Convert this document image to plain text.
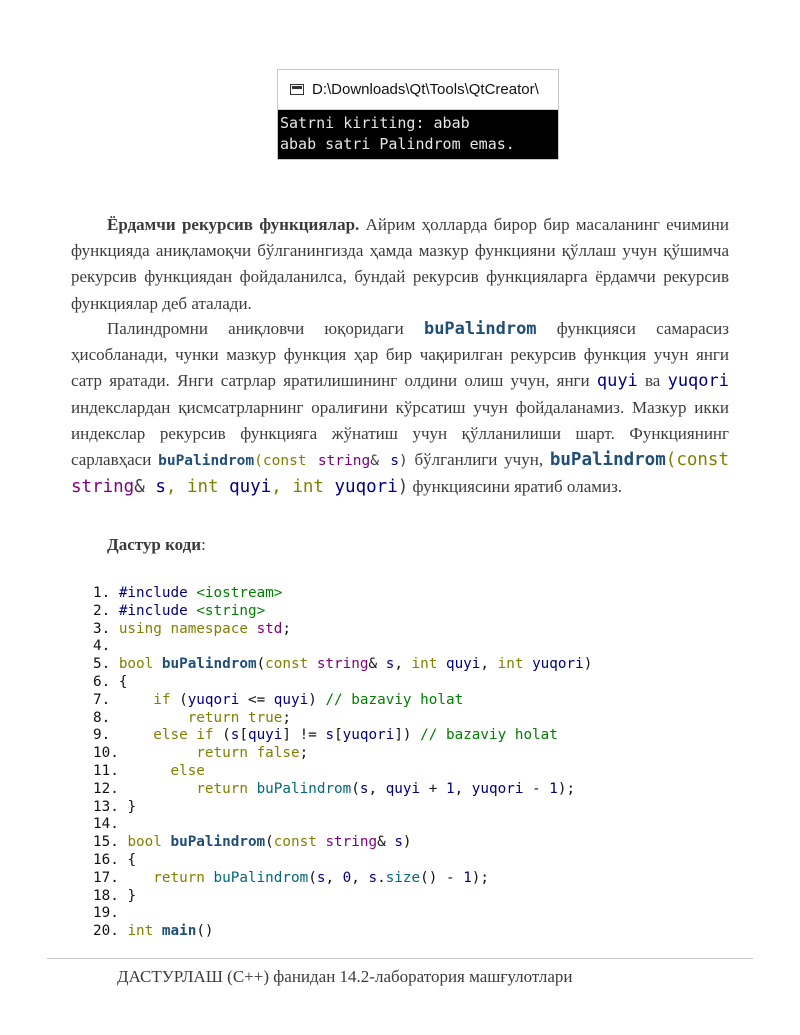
D:\Downloads\Qt\Tools\QtCreator\
Satrni kiriting: abab
abab satri Palindrom emas.
Ёрдамчи рекурсив функциялар. Айрим ҳолларда бирор бир масаланинг ечимини функцияда аниқламоқчи бўлганингизда ҳамда мазкур функцияни қўллаш учун қўшимча рекурсив функциядан фойдаланилса, бундай рекурсив функцияларга ёрдамчи рекурсив функциялар деб аталади.
Палиндромни аниқловчи юқоридаги buPalindrom функцияси самарасиз ҳисобланади, чунки мазкур функция ҳар бир чақирилган рекурсив функция учун янги сатр яратади. Янги сатрлар яратилишининг олдини олиш учун, янги quyi ва yuqori индекслардан қисмсатрларнинг оралиғини кўрсатиш учун фойдаланамиз. Мазкур икки индекслар рекурсив функцияга жўнатиш учун қўлланилиши шарт. Функциянинг сарлавҳаси buPalindrom(const string& s) бўлганлиги учун, buPalindrom(const string& s, int quyi, int yuqori) функциясини яратиб оламиз.
Дастур коди:
1. #include <iostream>
2. #include <string>
3. using namespace std;
4.
5. bool buPalindrom(const string& s, int quyi, int yuqori)
6. {
7.     if (yuqori <= quyi) // bazaviy holat
8.	return true;
9.     else if (s[quyi] != s[yuqori]) // bazaviy holat
10.	return false;
11.	else
12.	return buPalindrom(s, quyi + 1, yuqori - 1);
13. }
14.
15. bool buPalindrom(const string& s)
16. {
17.    return buPalindrom(s, 0, s.size() - 1);
18. }
19.
20. int main()
ДАСТУРЛАШ (С++) фанидан 14.2-лаборатория машғулотлари
